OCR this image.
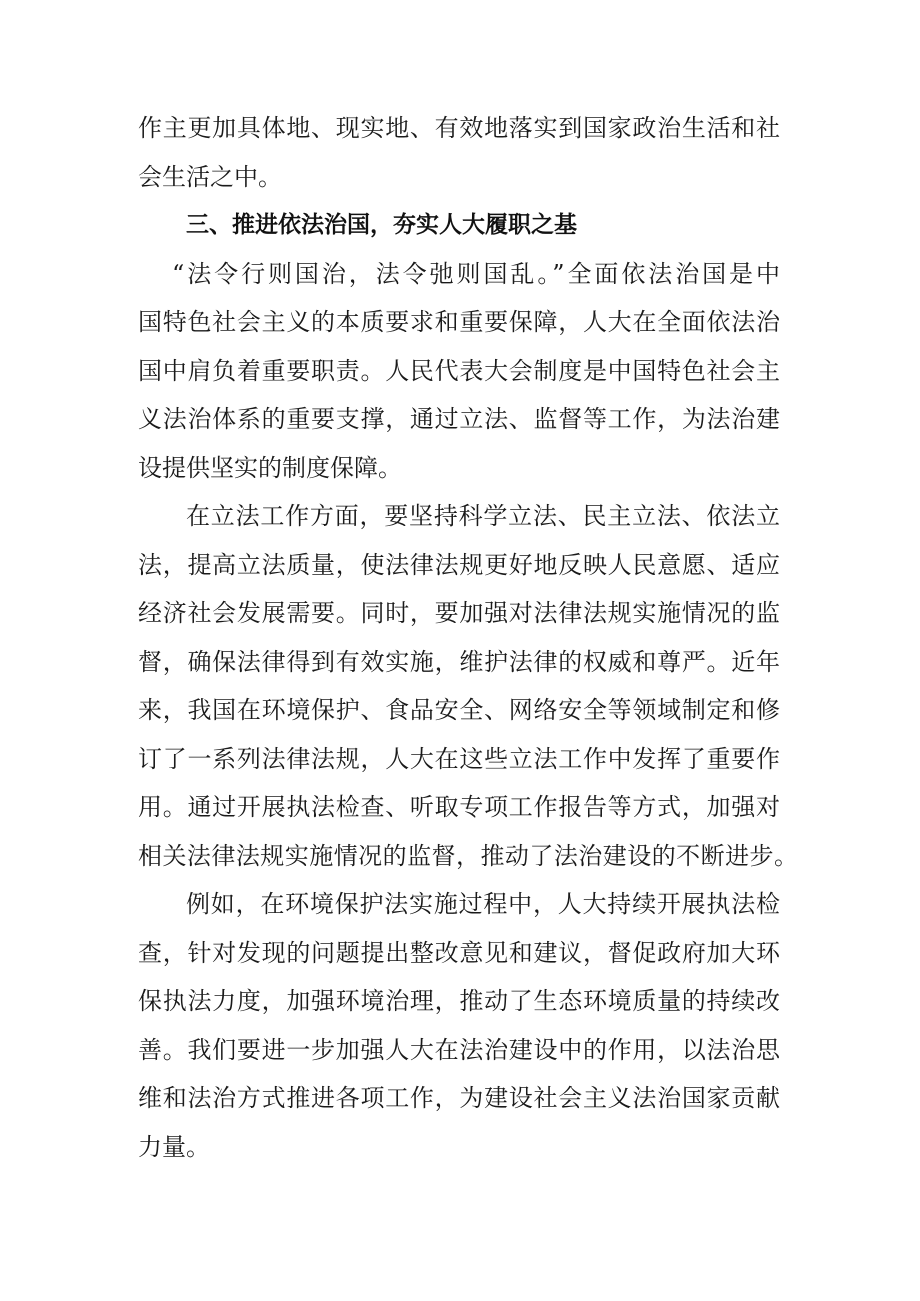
作主更加具体地、现实地、有效地落实到国家政治生活和社

会生活之中。

三、推进依法治国，夯实人大履职之基

“法令行则国治，法令弛则国乱。”全面依法治国是中

国特色社会主义的本质要求和重要保障，人大在全面依法治

国中肩负着重要职责。人民代表大会制度是中国特色社会主

义法治体系的重要支撑，通过立法、监督等工作，为法治建

设提供坚实的制度保障。

在立法工作方面，要坚持科学立法、民主立法、依法立

法，提高立法质量，使法律法规更好地反映人民意愿、适应

经济社会发展需要。同时，要加强对法律法规实施情况的监

督，确保法律得到有效实施，维护法律的权威和尊严。近年

来，我国在环境保护、食品安全、网络安全等领域制定和修

订了一系列法律法规，人大在这些立法工作中发挥了重要作

用。通过开展执法检查、听取专项工作报告等方式，加强对

相关法律法规实施情况的监督，推动了法治建设的不断进步。

例如，在环境保护法实施过程中，人大持续开展执法检

查，针对发现的问题提出整改意见和建议，督促政府加大环

保执法力度，加强环境治理，推动了生态环境质量的持续改

善。我们要进一步加强人大在法治建设中的作用，以法治思

维和法治方式推进各项工作，为建设社会主义法治国家贡献

力量。
